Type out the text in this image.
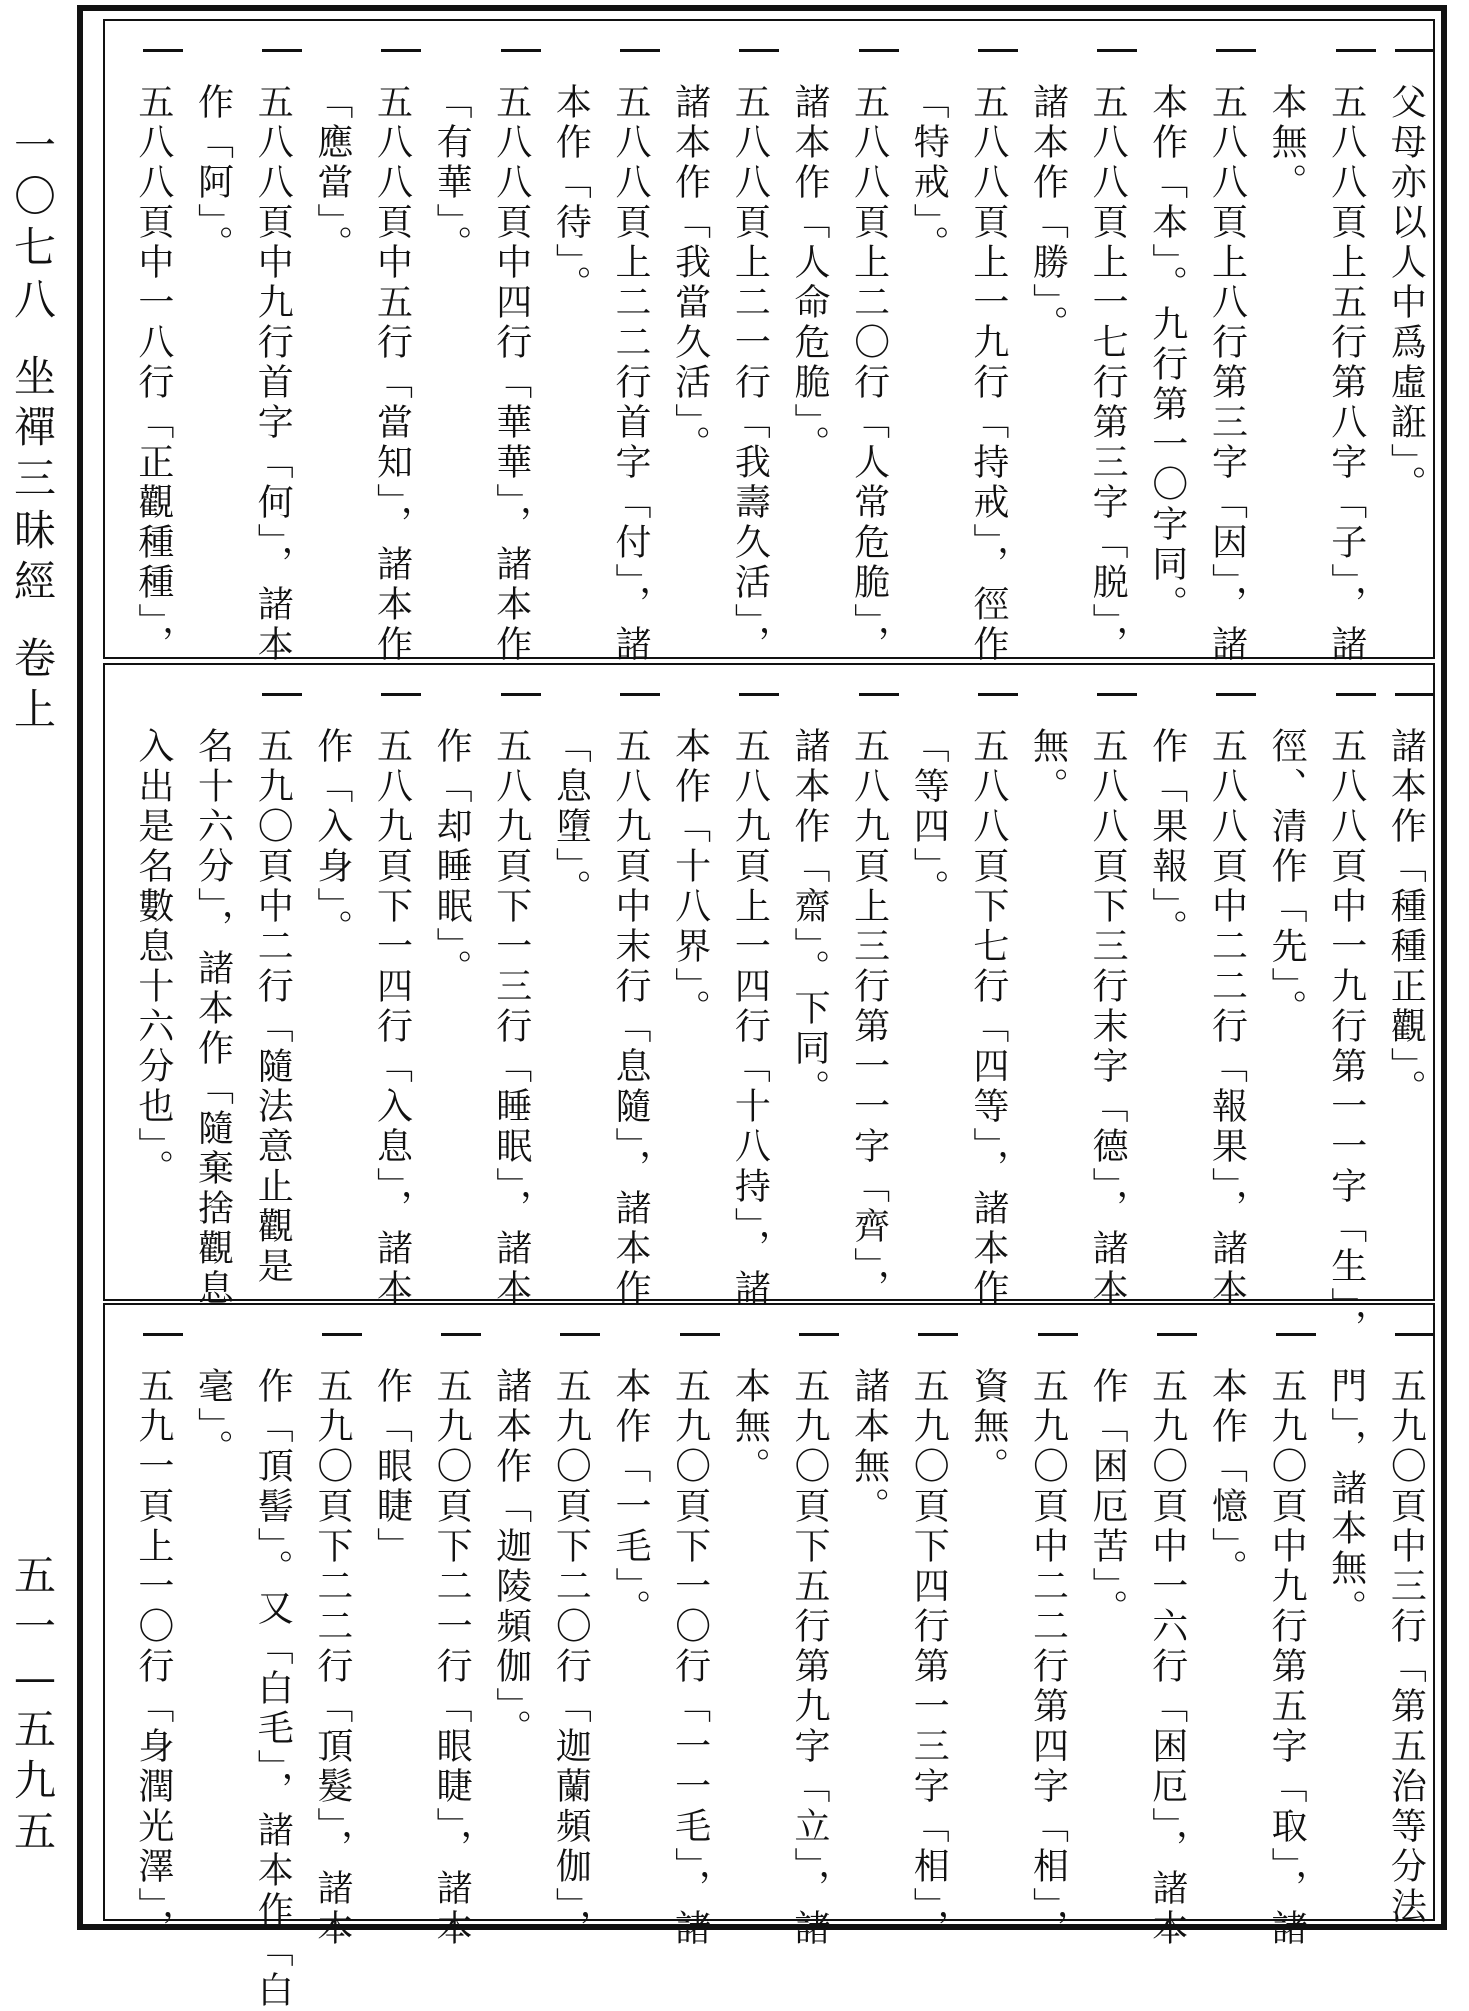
一
〇
七
八
坐
禪
三
昧
經
卷
上
五
一
—
五
九
五
父母亦以人中爲虛誑」。
五八八頁上五行第八字「子」，諸
本無。
五八八頁上八行第三字「因」，諸
本作「本」。九行第一〇字同。
五八八頁上一七行第三字「脱」，
諸本作「勝」。
五八八頁上一九行「持戒」，徑作
「特戒」。
五八八頁上二〇行「人常危脆」，
諸本作「人命危脆」。
五八八頁上二一行「我壽久活」，
諸本作「我當久活」。
五八八頁上二二行首字「付」，諸
本作「待」。
五八八頁中四行「華華」，諸本作
「有華」。
五八八頁中五行「當知」，諸本作
「應當」。
五八八頁中九行首字「何」，諸本
作「阿」。
五八八頁中一八行「正觀種種」，
諸本作「種種正觀」。
五八八頁中一九行第一一字「生」，
徑、清作「先」。
五八八頁中二二行「報果」，諸本
作「果報」。
五八八頁下三行末字「德」，諸本
無。
五八八頁下七行「四等」，諸本作
「等四」。
五八九頁上三行第一一字「齊」，
諸本作「齋」。下同。
五八九頁上一四行「十八持」，諸
本作「十八界」。
五八九頁中末行「息隨」，諸本作
「息墮」。
五八九頁下一三行「睡眠」，諸本
作「却睡眠」。
五八九頁下一四行「入息」，諸本
作「入身」。
五九〇頁中二行「隨法意止觀是
名十六分」，諸本作「隨棄捨觀息
入出是名數息十六分也」。
五九〇頁中三行「第五治等分法
門」，諸本無。
五九〇頁中九行第五字「取」，諸
本作「憶」。
五九〇頁中一六行「困厄」，諸本
作「困厄苦」。
五九〇頁中二二行第四字「相」，
資無。
五九〇頁下四行第一三字「相」，
諸本無。
五九〇頁下五行第九字「立」，諸
本無。
五九〇頁下一〇行「一一毛」，諸
本作「一毛」。
五九〇頁下二〇行「迦蘭頻伽」，
諸本作「迦陵頻伽」。
五九〇頁下二一行「眼睫」，諸本
作「眼睫」
五九〇頁下二二行「頂髮」，諸本
作「頂髻」。又「白毛」，諸本作「白
毫」。
五九一頁上一〇行「身潤光澤」，
